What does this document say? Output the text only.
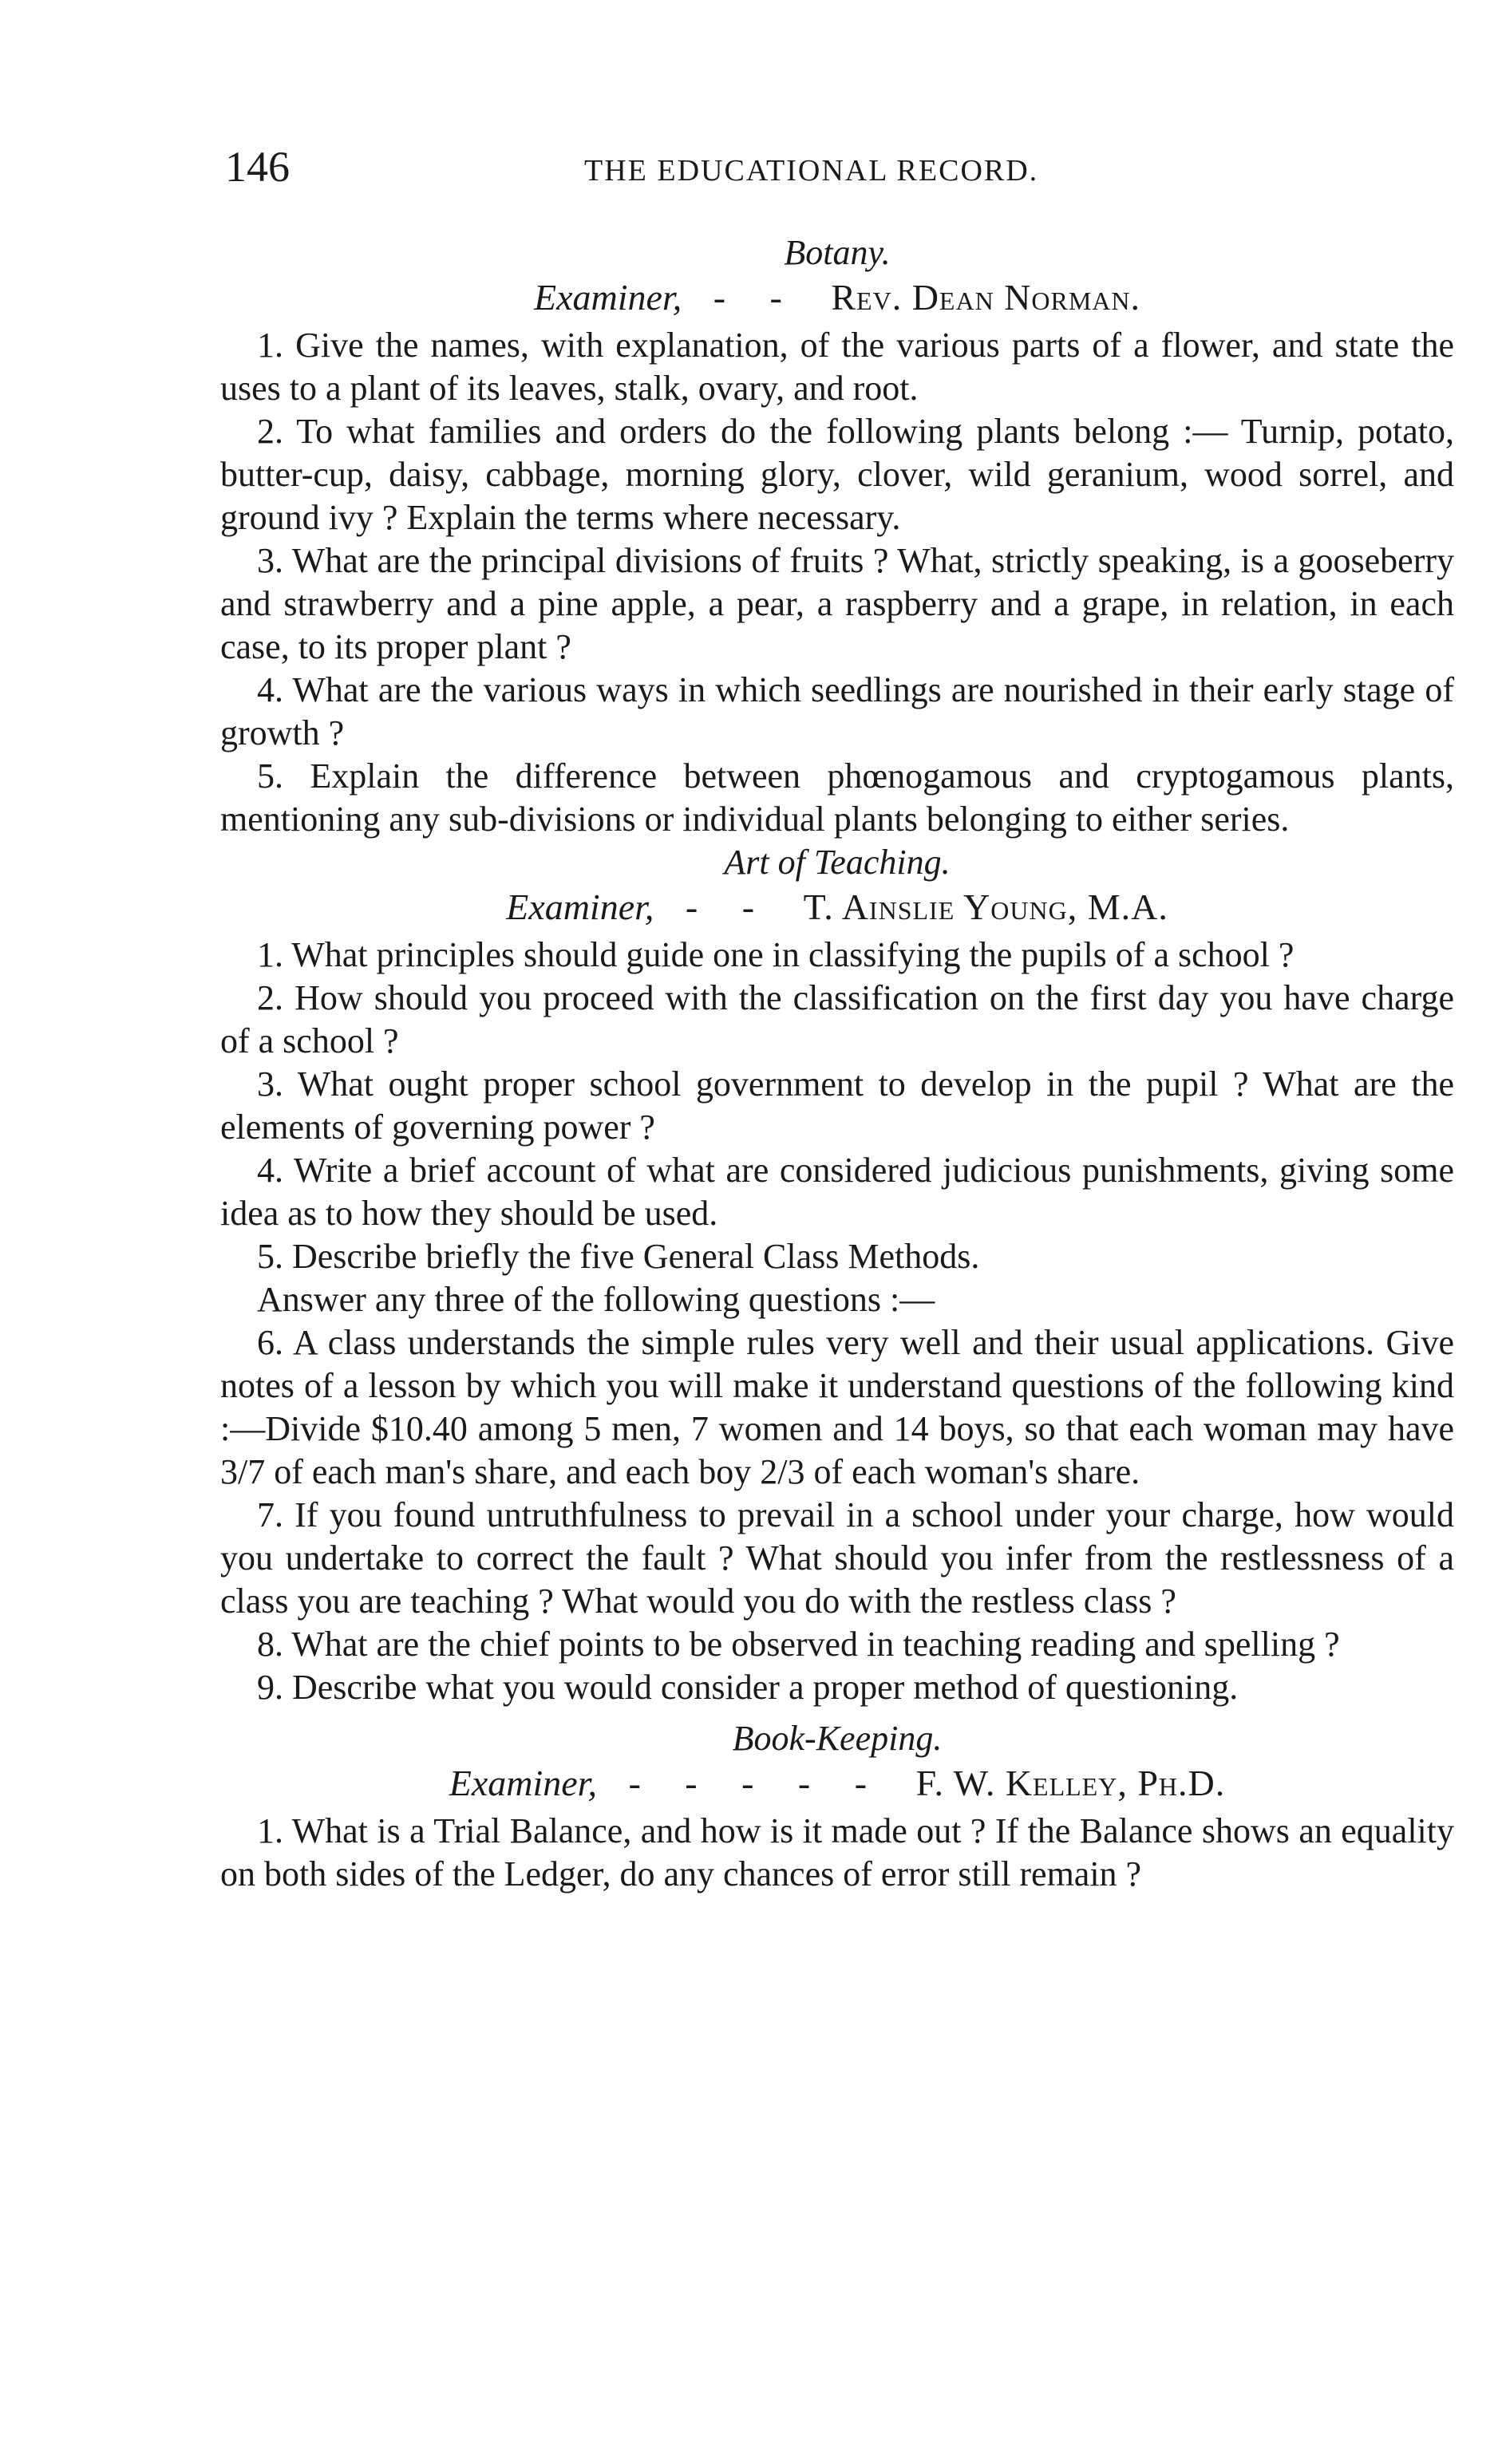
146	THE EDUCATIONAL RECORD.

Botany.

Examiner, - - Rev. Dean Norman.

1. Give the names, with explanation, of the various parts of a flower, and state the uses to a plant of its leaves, stalk, ovary, and root.

2. To what families and orders do the following plants belong :— Turnip, potato, butter-cup, daisy, cabbage, morning glory, clover, wild geranium, wood sorrel, and ground ivy ? Explain the terms where necessary.

3. What are the principal divisions of fruits ? What, strictly speaking, is a gooseberry and strawberry and a pine apple, a pear, a raspberry and a grape, in relation, in each case, to its proper plant ?

4. What are the various ways in which seedlings are nourished in their early stage of growth ?

5. Explain the difference between phœnogamous and cryptogamous plants, mentioning any sub-divisions or individual plants belonging to either series.

Art of Teaching.

Examiner, - - T. Ainslie Young, M.A.

1. What principles should guide one in classifying the pupils of a school ?

2. How should you proceed with the classification on the first day you have charge of a school ?

3. What ought proper school government to develop in the pupil ? What are the elements of governing power ?

4. Write a brief account of what are considered judicious punishments, giving some idea as to how they should be used.

5. Describe briefly the five General Class Methods.

Answer any three of the following questions :—

6. A class understands the simple rules very well and their usual applications. Give notes of a lesson by which you will make it understand questions of the following kind :—Divide $10.40 among 5 men, 7 women and 14 boys, so that each woman may have 3/7 of each man's share, and each boy 2/3 of each woman's share.

7. If you found untruthfulness to prevail in a school under your charge, how would you undertake to correct the fault ? What should you infer from the restlessness of a class you are teaching ? What would you do with the restless class ?

8. What are the chief points to be observed in teaching reading and spelling ?

9. Describe what you would consider a proper method of questioning.

Book-Keeping.

Examiner, - - - - - F. W. Kelley, Ph.D.

1. What is a Trial Balance, and how is it made out ? If the Balance shows an equality on both sides of the Ledger, do any chances of error still remain ?
